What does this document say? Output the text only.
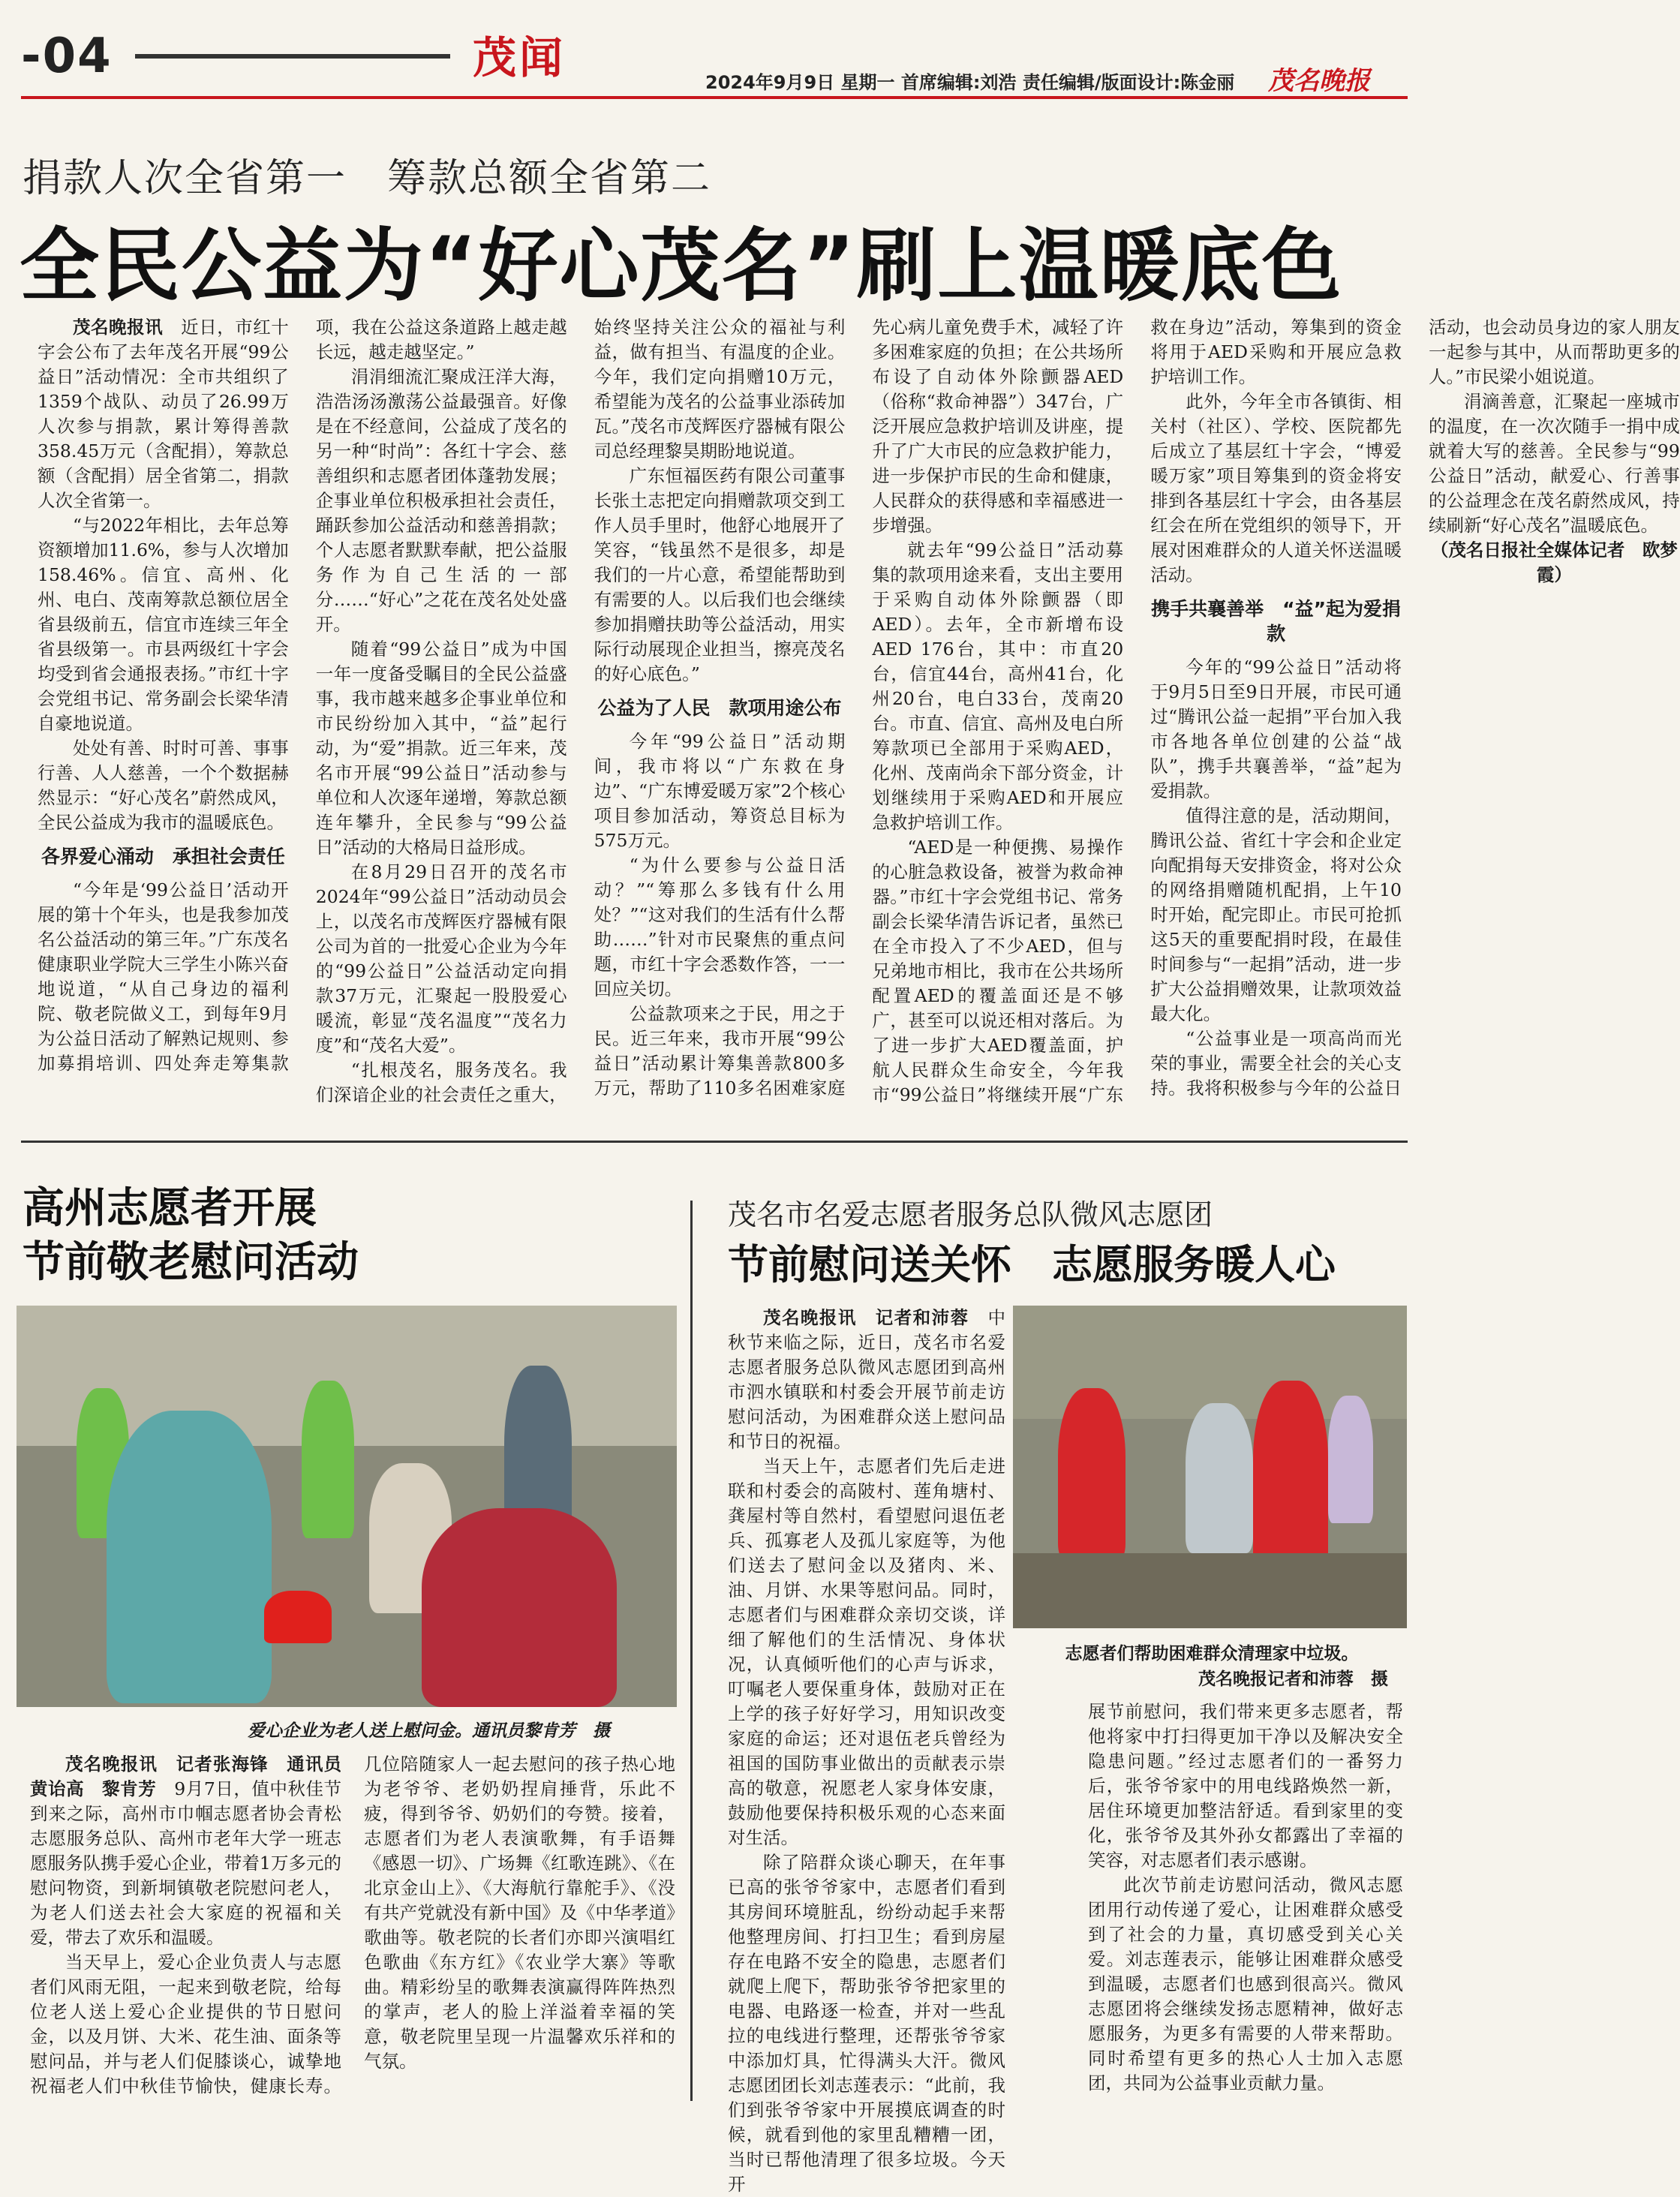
-04	茂闻	2024年9月9日 星期一 首席编辑:刘浩 责任编辑/版面设计:陈金丽 茂名晚报
捐款人次全省第一　筹款总额全省第二
全民公益为“好心茂名”刷上温暖底色

茂名晚报讯　 近日，市红十字会公布了去年茂名开展“99公益日”活动情况：全市共组织了1359个战队、动员了26.99万人次参与捐款，累计筹得善款358.45万元（含配捐），筹款总额（含配捐）居全省第二，捐款人次全省第一。

“与2022年相比，去年总筹资额增加11.6%，参与人次增加158.46%。信宜、高州、化州、电白、茂南筹款总额位居全省县级前五，信宜市连续三年全省县级第一。市县两级红十字会均受到省会通报表扬。”市红十字会党组书记、常务副会长梁华清自豪地说道。

处处有善、时时可善、事事行善、人人慈善，一个个数据赫然显示：“好心茂名”蔚然成风，全民公益成为我市的温暖底色。

各界爱心涌动　承担社会责任

“今年是‘99公益日’活动开展的第十个年头，也是我参加茂名公益活动的第三年。”广东茂名健康职业学院大三学生小陈兴奋地说道，“从自己身边的福利院、敬老院做义工，到每年9月为公益日活动了解熟记规则、参加募捐培训、四处奔走筹集款项，我在公益这条道路上越走越长远，越走越坚定。”

涓涓细流汇聚成汪洋大海，浩浩汤汤激荡公益最强音。好像是在不经意间，公益成了茂名的另一种“时尚”：各红十字会、慈善组织和志愿者团体蓬勃发展；企事业单位积极承担社会责任，踊跃参加公益活动和慈善捐款；个人志愿者默默奉献，把公益服务作为自己生活的一部分……“好心”之花在茂名处处盛开。

随着“99公益日”成为中国一年一度备受瞩目的全民公益盛事，我市越来越多企事业单位和市民纷纷加入其中，“益”起行动，为“爱”捐款。近三年来，茂名市开展“99公益日”活动参与单位和人次逐年递增，筹款总额连年攀升，全民参与“99公益日”活动的大格局日益形成。

在8月29日召开的茂名市2024年“99公益日”活动动员会上，以茂名市茂辉医疗器械有限公司为首的一批爱心企业为今年的“99公益日”公益活动定向捐款37万元，汇聚起一股股爱心暖流，彰显“茂名温度”“茂名力度”和“茂名大爱”。

“扎根茂名，服务茂名。我们深谙企业的社会责任之重大，始终坚持关注公众的福祉与利益，做有担当、有温度的企业。今年，我们定向捐赠10万元，希望能为茂名的公益事业添砖加瓦。”茂名市茂辉医疗器械有限公司总经理黎昊期盼地说道。

广东恒福医药有限公司董事长张土志把定向捐赠款项交到工作人员手里时，他舒心地展开了笑容，“钱虽然不是很多，却是我们的一片心意，希望能帮助到有需要的人。以后我们也会继续参加捐赠扶助等公益活动，用实际行动展现企业担当，擦亮茂名的好心底色。”

公益为了人民　款项用途公布

今年“99公益日”活动期间，我市将以“广东救在身边”、“广东博爱暖万家”2个核心项目参加活动，筹资总目标为575万元。

“为什么要参与公益日活动？”“筹那么多钱有什么用处？”“这对我们的生活有什么帮助……”针对市民聚焦的重点问题，市红十字会悉数作答，一一回应关切。

公益款项来之于民，用之于民。近三年来，我市开展“99公益日”活动累计筹集善款800多万元，帮助了110多名困难家庭先心病儿童免费手术，减轻了许多困难家庭的负担；在公共场所布设了自动体外除颤器AED（俗称“救命神器”）347台，广泛开展应急救护培训及讲座，提升了广大市民的应急救护能力，进一步保护市民的生命和健康，人民群众的获得感和幸福感进一步增强。

就去年“99公益日”活动募集的款项用途来看，支出主要用于采购自动体外除颤器（即AED）。去年，全市新增布设AED 176台，其中：市直20台，信宜44台，高州41台，化州20台，电白33台，茂南20台。市直、信宜、高州及电白所筹款项已全部用于采购AED，化州、茂南尚余下部分资金，计划继续用于采购AED和开展应急救护培训工作。

“AED是一种便携、易操作的心脏急救设备，被誉为救命神器。”市红十字会党组书记、常务副会长梁华清告诉记者，虽然已在全市投入了不少AED，但与兄弟地市相比，我市在公共场所配置AED的覆盖面还是不够广，甚至可以说还相对落后。为了进一步扩大AED覆盖面，护航人民群众生命安全，今年我市“99公益日”将继续开展“广东救在身边”活动，筹集到的资金将用于AED采购和开展应急救护培训工作。

此外，今年全市各镇街、相关村（社区）、学校、医院都先后成立了基层红十字会，“博爱暖万家”项目筹集到的资金将安排到各基层红十字会，由各基层红会在所在党组织的领导下，开展对困难群众的人道关怀送温暖活动。

携手共襄善举　“益”起为爱捐款

今年的“99公益日”活动将于9月5日至9日开展，市民可通过“腾讯公益一起捐”平台加入我市各地各单位创建的公益“战队”，携手共襄善举，“益”起为爱捐款。

值得注意的是，活动期间，腾讯公益、省红十字会和企业定向配捐每天安排资金，将对公众的网络捐赠随机配捐，上午10时开始，配完即止。市民可抢抓这5天的重要配捐时段，在最佳时间参与“一起捐”活动，进一步扩大公益捐赠效果，让款项效益最大化。

“公益事业是一项高尚而光荣的事业，需要全社会的关心支持。我将积极参与今年的公益日活动，也会动员身边的家人朋友一起参与其中，从而帮助更多的人。”市民梁小姐说道。

涓滴善意，汇聚起一座城市的温度，在一次次随手一捐中成就着大写的慈善。全民参与“99公益日”活动，献爱心、行善事的公益理念在茂名蔚然成风，持续刷新“好心茂名”温暖底色。

（茂名日报社全媒体记者　欧梦霞）

高州志愿者开展
节前敬老慰问活动
爱心企业为老人送上慰问金。通讯员黎肯芳　摄

茂名晚报讯　记者张海锋　通讯员黄诒高　黎肯芳　 9月7日，值中秋佳节到来之际，高州市巾帼志愿者协会青松志愿服务总队、高州市老年大学一班志愿服务队携手爱心企业，带着1万多元的慰问物资，到新垌镇敬老院慰问老人，为老人们送去社会大家庭的祝福和关爱，带去了欢乐和温暖。

当天早上，爱心企业负责人与志愿者们风雨无阻，一起来到敬老院，给每位老人送上爱心企业提供的节日慰问金，以及月饼、大米、花生油、面条等慰问品，并与老人们促膝谈心，诚挚地祝福老人们中秋佳节愉快，健康长寿。几位陪随家人一起去慰问的孩子热心地为老爷爷、老奶奶捏肩捶背，乐此不疲，得到爷爷、奶奶们的夸赞。接着，志愿者们为老人表演歌舞，有手语舞《感恩一切》、广场舞《红歌连跳》、《在北京金山上》、《大海航行靠舵手》、《没有共产党就没有新中国》及《中华孝道》歌曲等。敬老院的长者们亦即兴演唱红色歌曲《东方红》《农业学大寨》等歌曲。精彩纷呈的歌舞表演赢得阵阵热烈的掌声，老人的脸上洋溢着幸福的笑意，敬老院里呈现一片温馨欢乐祥和的气氛。

茂名市名爱志愿者服务总队微风志愿团
节前慰问送关怀　志愿服务暖人心

茂名晚报讯　记者和沛蓉　 中秋节来临之际，近日，茂名市名爱志愿者服务总队微风志愿团到高州市泗水镇联和村委会开展节前走访慰问活动，为困难群众送上慰问品和节日的祝福。

当天上午，志愿者们先后走进联和村委会的高陂村、莲角塘村、龚屋村等自然村，看望慰问退伍老兵、孤寡老人及孤儿家庭等，为他们送去了慰问金以及猪肉、米、油、月饼、水果等慰问品。同时，志愿者们与困难群众亲切交谈，详细了解他们的生活情况、身体状况，认真倾听他们的心声与诉求，叮嘱老人要保重身体，鼓励对正在上学的孩子好好学习，用知识改变家庭的命运；还对退伍老兵曾经为祖国的国防事业做出的贡献表示崇高的敬意，祝愿老人家身体安康，鼓励他要保持积极乐观的心态来面对生活。

除了陪群众谈心聊天，在年事已高的张爷爷家中，志愿者们看到其房间环境脏乱，纷纷动起手来帮他整理房间、打扫卫生；看到房屋存在电路不安全的隐患，志愿者们就爬上爬下，帮助张爷爷把家里的电器、电路逐一检查，并对一些乱拉的电线进行整理，还帮张爷爷家中添加灯具，忙得满头大汗。微风志愿团团长刘志莲表示：“此前，我们到张爷爷家中开展摸底调查的时候，就看到他的家里乱糟糟一团，当时已帮他清理了很多垃圾。今天开

志愿者们帮助困难群众清理家中垃圾。
茂名晚报记者和沛蓉　摄

展节前慰问，我们带来更多志愿者，帮他将家中打扫得更加干净以及解决安全隐患问题。”经过志愿者们的一番努力后，张爷爷家中的用电线路焕然一新，居住环境更加整洁舒适。看到家里的变化，张爷爷及其外孙女都露出了幸福的笑容，对志愿者们表示感谢。

此次节前走访慰问活动，微风志愿团用行动传递了爱心，让困难群众感受到了社会的力量，真切感受到关心关爱。刘志莲表示，能够让困难群众感受到温暖，志愿者们也感到很高兴。微风志愿团将会继续发扬志愿精神，做好志愿服务，为更多有需要的人带来帮助。同时希望有更多的热心人士加入志愿团，共同为公益事业贡献力量。
